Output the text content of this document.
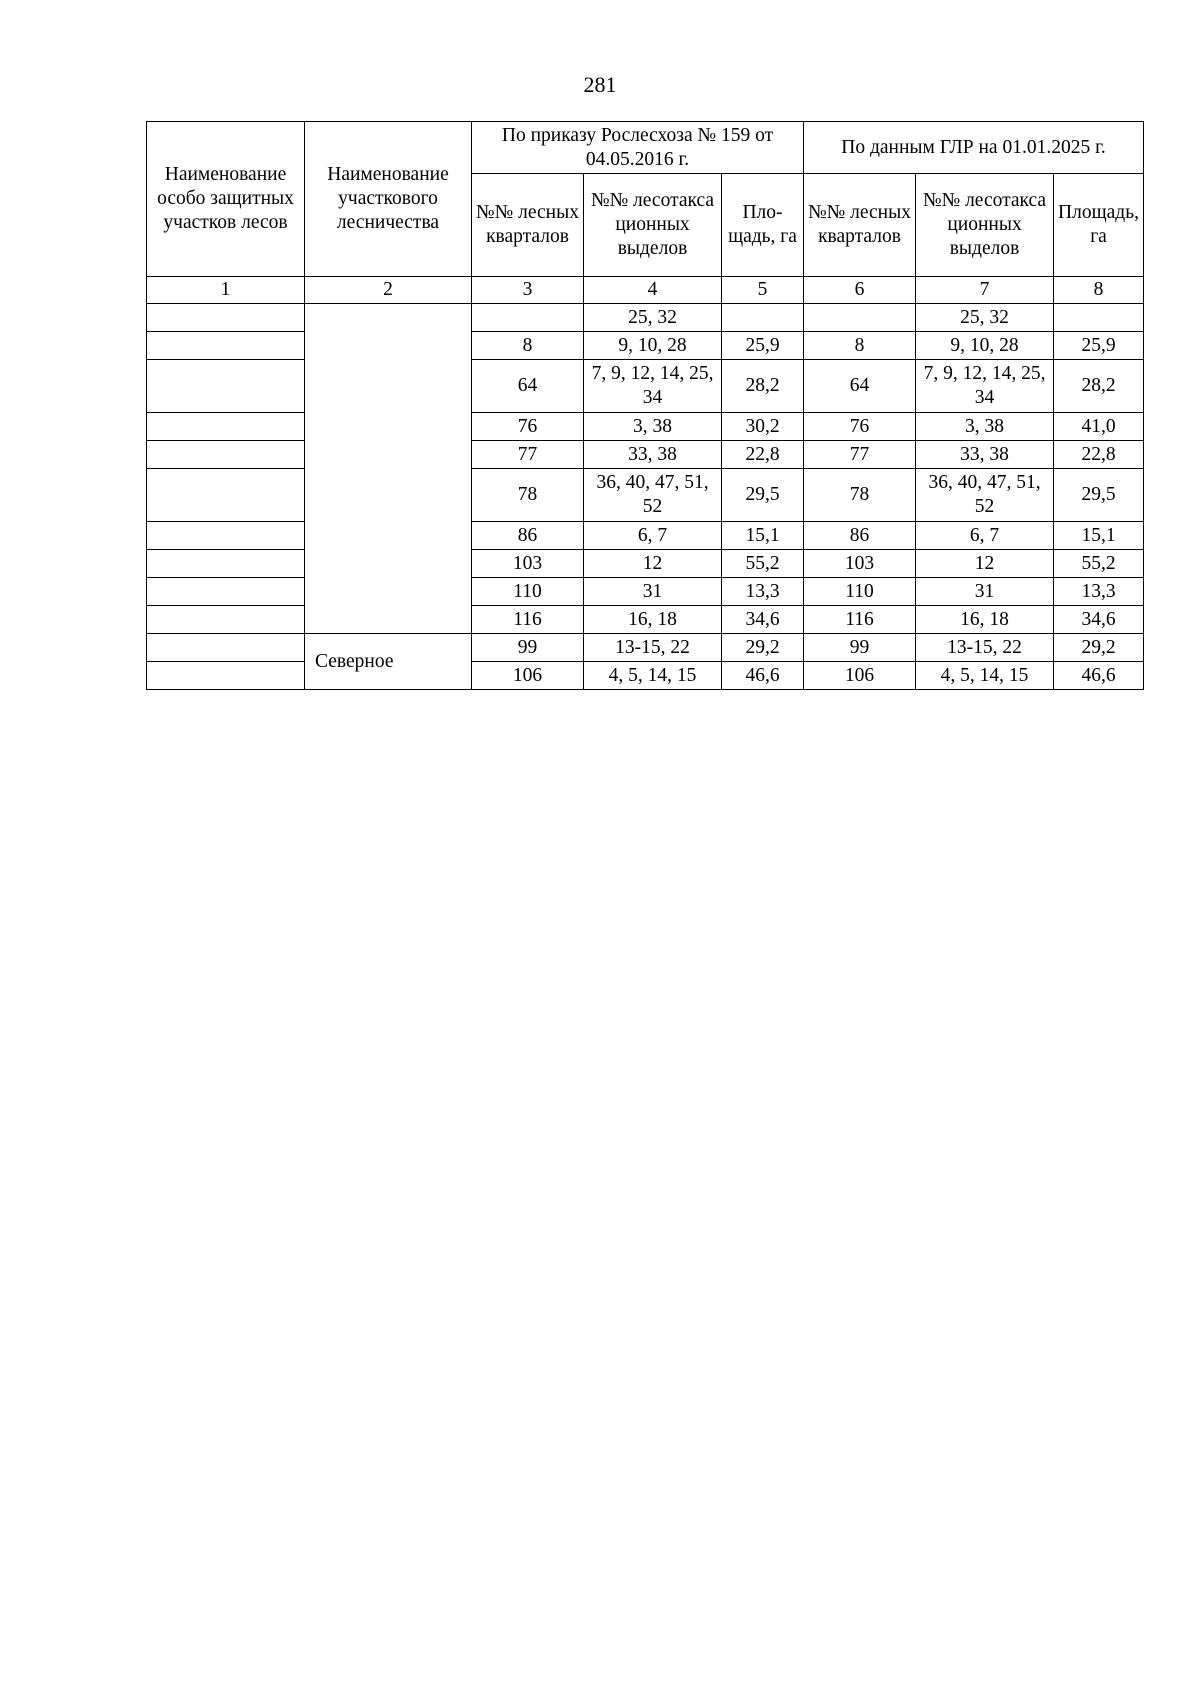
281
Наименование особо защитных участков лесов	Наименование участкового лесничества	По приказу Рослесхоза № 159 от 04.05.2016 г.			По данным ГЛР на 01.01.2025 г.		
		№№ лесных кварталов	№№ лесотакса ционных выделов	Пло-щадь, га	№№ лесных кварталов	№№ лесотакса ционных выделов	Площадь, га
1	2	3	4	5	6	7	8
			25, 32			25, 32	
		8	9, 10, 28	25,9	8	9, 10, 28	25,9
		64	7, 9, 12, 14, 25, 34	28,2	64	7, 9, 12, 14, 25, 34	28,2
		76	3, 38	30,2	76	3, 38	41,0
		77	33, 38	22,8	77	33, 38	22,8
		78	36, 40, 47, 51, 52	29,5	78	36, 40, 47, 51, 52	29,5
		86	6, 7	15,1	86	6, 7	15,1
		103	12	55,2	103	12	55,2
		110	31	13,3	110	31	13,3
		116	16, 18	34,6	116	16, 18	34,6
	Северное	99	13-15, 22	29,2	99	13-15, 22	29,2
		106	4, 5, 14, 15	46,6	106	4, 5, 14, 15	46,6
